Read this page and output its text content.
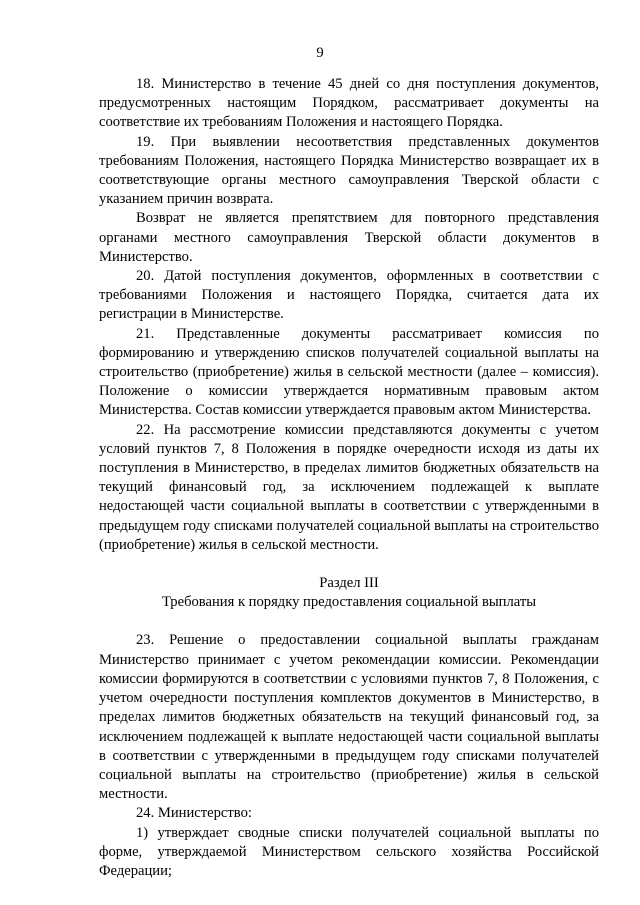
9

18. Министерство в течение 45 дней со дня поступления документов, предусмотренных настоящим Порядком, рассматривает документы на соответствие их требованиям Положения и настоящего Порядка.

19. При выявлении несоответствия представленных документов требованиям Положения, настоящего Порядка Министерство возвращает их в соответствующие органы местного самоуправления Тверской области с указанием причин возврата.

Возврат не является препятствием для повторного представления органами местного самоуправления Тверской области документов в Министерство.

20. Датой поступления документов, оформленных в соответствии с требованиями Положения и настоящего Порядка, считается дата их регистрации в Министерстве.

21. Представленные документы рассматривает комиссия по формированию и утверждению списков получателей социальной выплаты на строительство (приобретение) жилья в сельской местности (далее – комиссия). Положение о комиссии утверждается нормативным правовым актом Министерства. Состав комиссии утверждается правовым актом Министерства.

22. На рассмотрение комиссии представляются документы с учетом условий пунктов 7, 8 Положения в порядке очередности исходя из даты их поступления в Министерство, в пределах лимитов бюджетных обязательств на текущий финансовый год, за исключением подлежащей к выплате недостающей части социальной выплаты в соответствии с утвержденными в предыдущем году списками получателей социальной выплаты на строительство (приобретение) жилья в сельской местности.

Раздел III
Требования к порядку предоставления социальной выплаты

23. Решение о предоставлении социальной выплаты гражданам Министерство принимает с учетом рекомендации комиссии. Рекомендации комиссии формируются в соответствии с условиями пунктов 7, 8 Положения, с учетом очередности поступления комплектов документов в Министерство, в пределах лимитов бюджетных обязательств на текущий финансовый год, за исключением подлежащей к выплате недостающей части социальной выплаты в соответствии с утвержденными в предыдущем году списками получателей социальной выплаты на строительство (приобретение) жилья в сельской местности.

24. Министерство:

1) утверждает сводные списки получателей социальной выплаты по форме, утверждаемой Министерством сельского хозяйства Российской Федерации;
